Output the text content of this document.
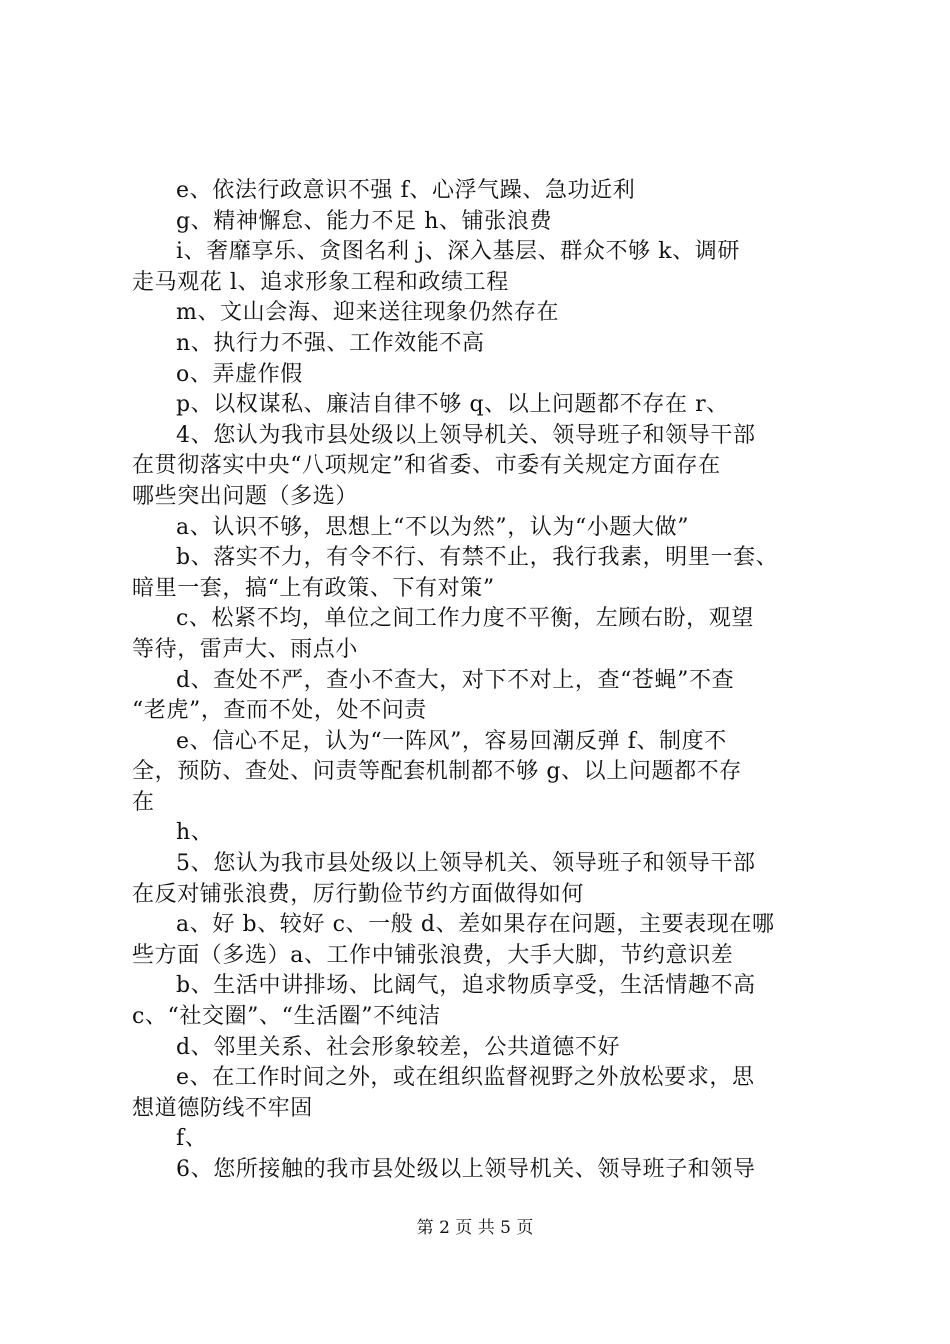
e、依法行政意识不强 f、心浮气躁、急功近利
g、精神懈怠、能力不足 h、铺张浪费
i、奢靡享乐、贪图名利 j、深入基层、群众不够 k、调研
走马观花 l、追求形象工程和政绩工程
m、文山会海、迎来送往现象仍然存在
n、执行力不强、工作效能不高
o、弄虚作假
p、以权谋私、廉洁自律不够 q、以上问题都不存在 r、
4、您认为我市县处级以上领导机关、领导班子和领导干部
在贯彻落实中央“八项规定”和省委、市委有关规定方面存在
哪些突出问题（多选）
a、认识不够，思想上“不以为然”，认为“小题大做”
b、落实不力，有令不行、有禁不止，我行我素，明里一套、
暗里一套，搞“上有政策、下有对策”
c、松紧不均，单位之间工作力度不平衡，左顾右盼，观望
等待，雷声大、雨点小
d、查处不严，查小不查大，对下不对上，查“苍蝇”不查
“老虎”，查而不处，处不问责
e、信心不足，认为“一阵风”，容易回潮反弹 f、制度不
全，预防、查处、问责等配套机制都不够 g、以上问题都不存
在
h、
5、您认为我市县处级以上领导机关、领导班子和领导干部
在反对铺张浪费，厉行勤俭节约方面做得如何
a、好 b、较好 c、一般 d、差如果存在问题，主要表现在哪
些方面（多选）a、工作中铺张浪费，大手大脚，节约意识差
b、生活中讲排场、比阔气，追求物质享受，生活情趣不高
c、“社交圈”、“生活圈”不纯洁
d、邻里关系、社会形象较差，公共道德不好
e、在工作时间之外，或在组织监督视野之外放松要求，思
想道德防线不牢固
f、
6、您所接触的我市县处级以上领导机关、领导班子和领导
第 2 页 共 5 页
